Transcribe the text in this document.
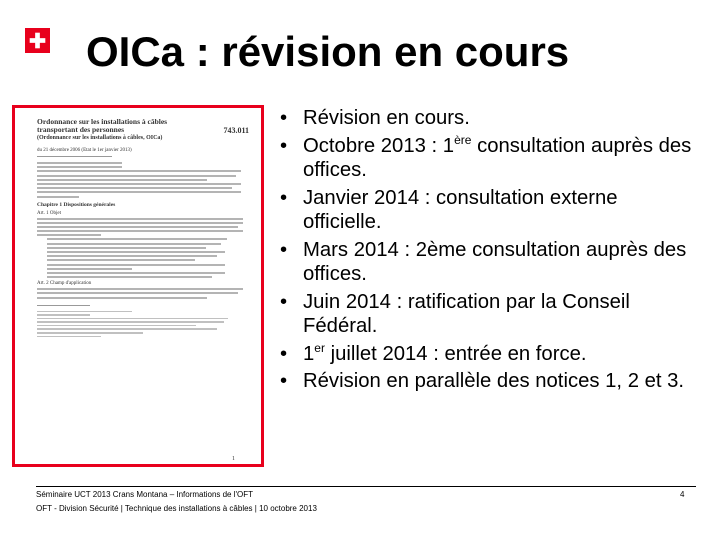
OICa : révision en cours
Ordonnance sur les installations à câbles transportant des personnes	743.011
(Ordonnance sur les installations à câbles, OICa)
du 21 décembre 2006 (Etat le 1er janvier 2013)
Chapitre 1 Dispositions générales
Art. 1 Objet
Art. 2 Champ d'application
1
• Révision en cours.
• Octobre 2013 : 1ère consultation auprès des offices.
• Janvier 2014 : consultation externe officielle.
• Mars 2014 : 2ème consultation auprès des offices.
• Juin 2014 : ratification par la Conseil Fédéral.
• 1er juillet 2014 : entrée en force.
• Révision en parallèle des notices 1, 2 et 3.
Séminaire UCT 2013 Crans Montana – Informations de l'OFT
OFT - Division Sécurité | Technique des installations à câbles | 10 octobre 2013
4
